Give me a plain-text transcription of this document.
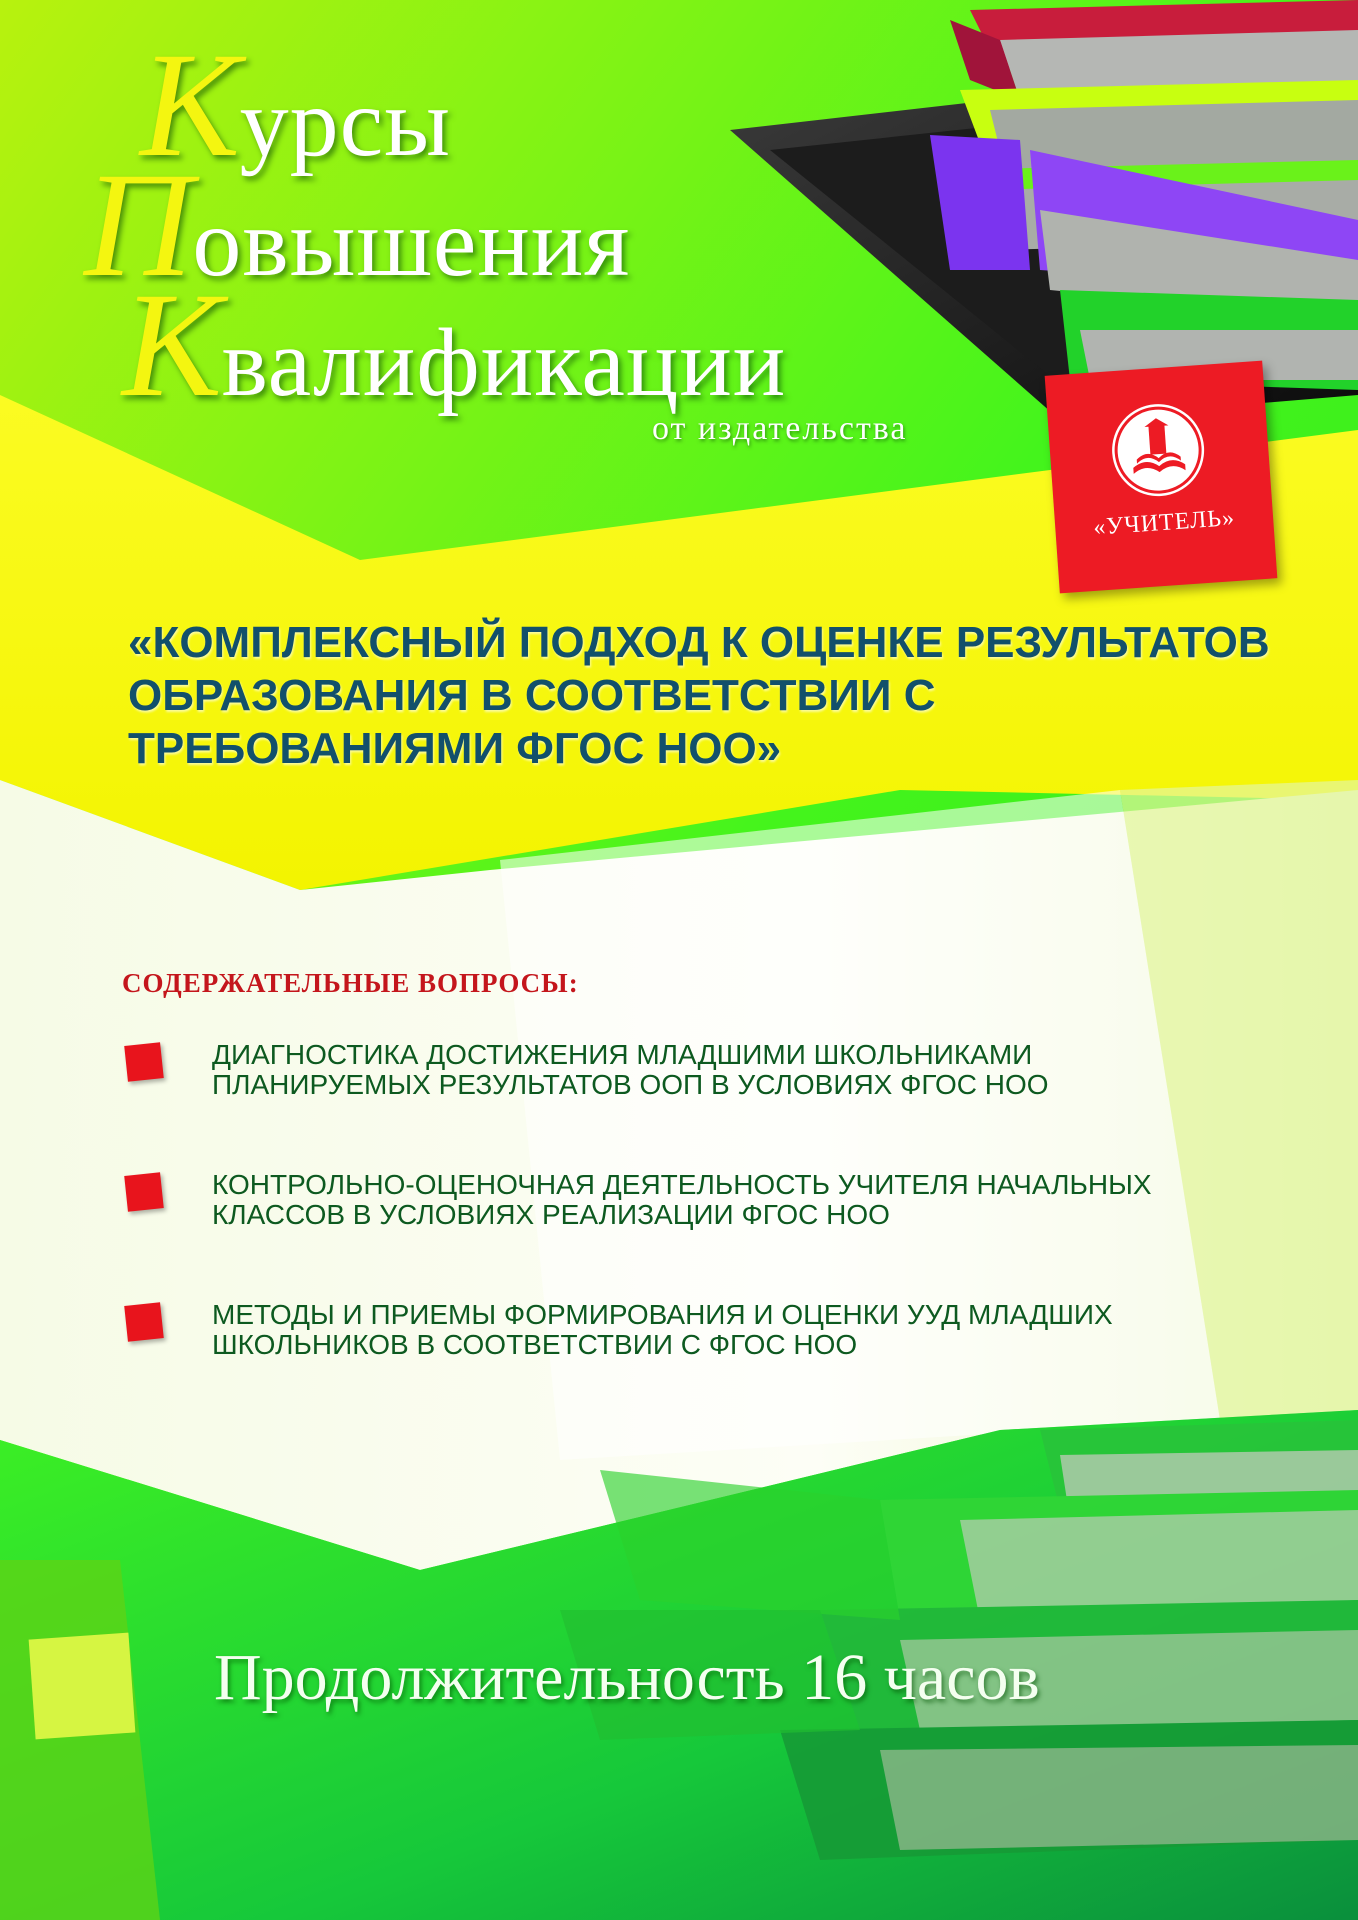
Курсы
Повышения
Квалификации
от издательства
«УЧИТЕЛЬ»
«КОМПЛЕКСНЫЙ ПОДХОД К ОЦЕНКЕ РЕЗУЛЬТАТОВ ОБРАЗОВАНИЯ В СООТВЕТСТВИИ С ТРЕБОВАНИЯМИ ФГОС НОО»
СОДЕРЖАТЕЛЬНЫЕ ВОПРОСЫ:
ДИАГНОСТИКА ДОСТИЖЕНИЯ МЛАДШИМИ ШКОЛЬНИКАМИ ПЛАНИРУЕМЫХ РЕЗУЛЬТАТОВ ООП В УСЛОВИЯХ ФГОС НОО
КОНТРОЛЬНО-ОЦЕНОЧНАЯ ДЕЯТЕЛЬНОСТЬ УЧИТЕЛЯ НАЧАЛЬНЫХ КЛАССОВ В УСЛОВИЯХ РЕАЛИЗАЦИИ ФГОС НОО
МЕТОДЫ И ПРИЕМЫ ФОРМИРОВАНИЯ И ОЦЕНКИ УУД МЛАДШИХ ШКОЛЬНИКОВ В СООТВЕТСТВИИ С ФГОС НОО
Продолжительность 16 часов
